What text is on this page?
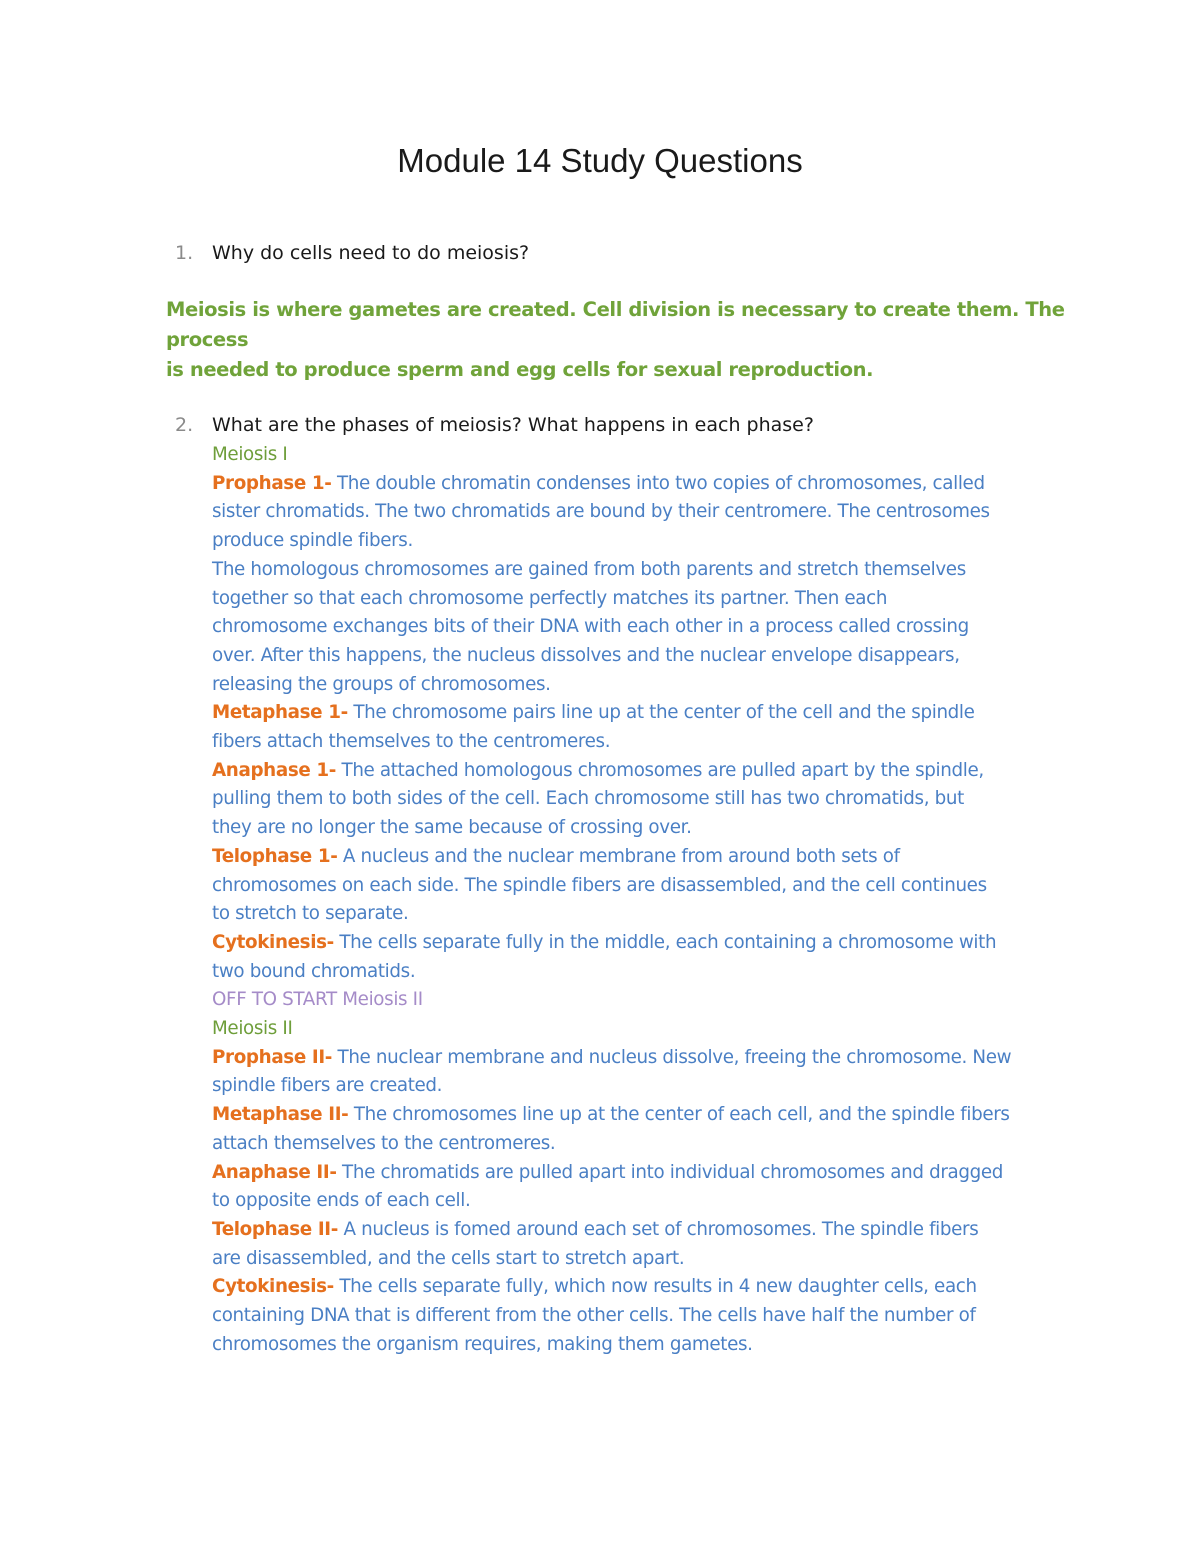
Module 14 Study Questions
1. Why do cells need to do meiosis?
Meiosis is where gametes are created. Cell division is necessary to create them. The process
is needed to produce sperm and egg cells for sexual reproduction.
2. What are the phases of meiosis? What happens in each phase?
Meiosis I
Prophase 1- The double chromatin condenses into two copies of chromosomes, called
sister chromatids. The two chromatids are bound by their centromere. The centrosomes
produce spindle fibers.
The homologous chromosomes are gained from both parents and stretch themselves
together so that each chromosome perfectly matches its partner. Then each
chromosome exchanges bits of their DNA with each other in a process called crossing
over. After this happens, the nucleus dissolves and the nuclear envelope disappears,
releasing the groups of chromosomes.
Metaphase 1- The chromosome pairs line up at the center of the cell and the spindle
fibers attach themselves to the centromeres.
Anaphase 1- The attached homologous chromosomes are pulled apart by the spindle,
pulling them to both sides of the cell. Each chromosome still has two chromatids, but
they are no longer the same because of crossing over.
Telophase 1- A nucleus and the nuclear membrane from around both sets of
chromosomes on each side. The spindle fibers are disassembled, and the cell continues
to stretch to separate.
Cytokinesis- The cells separate fully in the middle, each containing a chromosome with
two bound chromatids.
OFF TO START Meiosis II
Meiosis II
Prophase II- The nuclear membrane and nucleus dissolve, freeing the chromosome. New
spindle fibers are created.
Metaphase II- The chromosomes line up at the center of each cell, and the spindle fibers
attach themselves to the centromeres.
Anaphase II- The chromatids are pulled apart into individual chromosomes and dragged
to opposite ends of each cell.
Telophase II- A nucleus is fomed around each set of chromosomes. The spindle fibers
are disassembled, and the cells start to stretch apart.
Cytokinesis- The cells separate fully, which now results in 4 new daughter cells, each
containing DNA that is different from the other cells. The cells have half the number of
chromosomes the organism requires, making them gametes.
